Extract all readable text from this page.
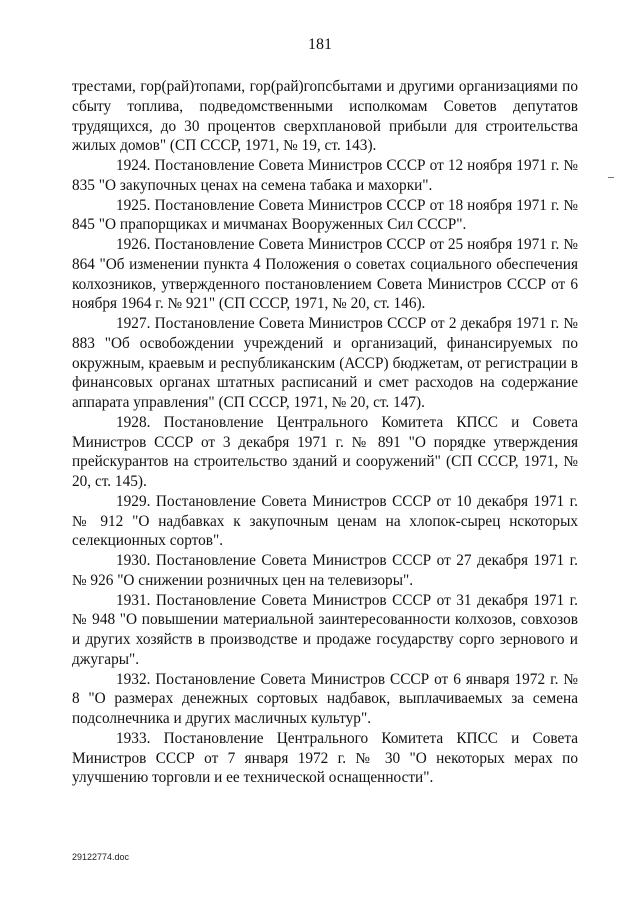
181

трестами, гор(рай)топами, гор(рай)гопсбытами и другими организациями по сбыту топлива, подведомственными исполкомам Советов депутатов трудящихся, до 30 процентов сверхплановой прибыли для строительства жилых домов" (СП СССР, 1971, № 19, ст. 143).

1924. Постановление Совета Министров СССР от 12 ноября 1971 г. № 835 "О закупочных ценах на семена табака и махорки".

1925. Постановление Совета Министров СССР от 18 ноября 1971 г. № 845 "О прапорщиках и мичманах Вооруженных Сил СССР".

1926. Постановление Совета Министров СССР от 25 ноября 1971 г. № 864 "Об изменении пункта 4 Положения о советах социального обеспечения колхозников, утвержденного постановлением Совета Министров СССР от 6 ноября 1964 г. № 921" (СП СССР, 1971, № 20, ст. 146).

1927. Постановление Совета Министров СССР от 2 декабря 1971 г. № 883 "Об освобождении учреждений и организаций, финансируемых по окружным, краевым и республиканским (АССР) бюджетам, от регистрации в финансовых органах штатных расписаний и смет расходов на содержание аппарата управления" (СП СССР, 1971, № 20, ст. 147).

1928. Постановление Центрального Комитета КПСС и Совета Министров СССР от 3 декабря 1971 г. № 891 "О порядке утверждения прейскурантов на строительство зданий и сооружений" (СП СССР, 1971, № 20, ст. 145).

1929. Постановление Совета Министров СССР от 10 декабря 1971 г. № 912 "О надбавках к закупочным ценам на хлопок-сырец нскоторых селекционных сортов".

1930. Постановление Совета Министров СССР от 27 декабря 1971 г. № 926 "О снижении розничных цен на телевизоры".

1931. Постановление Совета Министров СССР от 31 декабря 1971 г. № 948 "О повышении материальной заинтересованности колхозов, совхозов и других хозяйств в производстве и продаже государству сорго зернового и джугары".

1932. Постановление Совета Министров СССР от 6 января 1972 г. № 8 "О размерах денежных сортовых надбавок, выплачиваемых за семена подсолнечника и других масличных культур".

1933. Постановление Центрального Комитета КПСС и Совета Министров СССР от 7 января 1972 г. № 30 "О некоторых мерах по улучшению торговли и ее технической оснащенности".

29122774.doc
